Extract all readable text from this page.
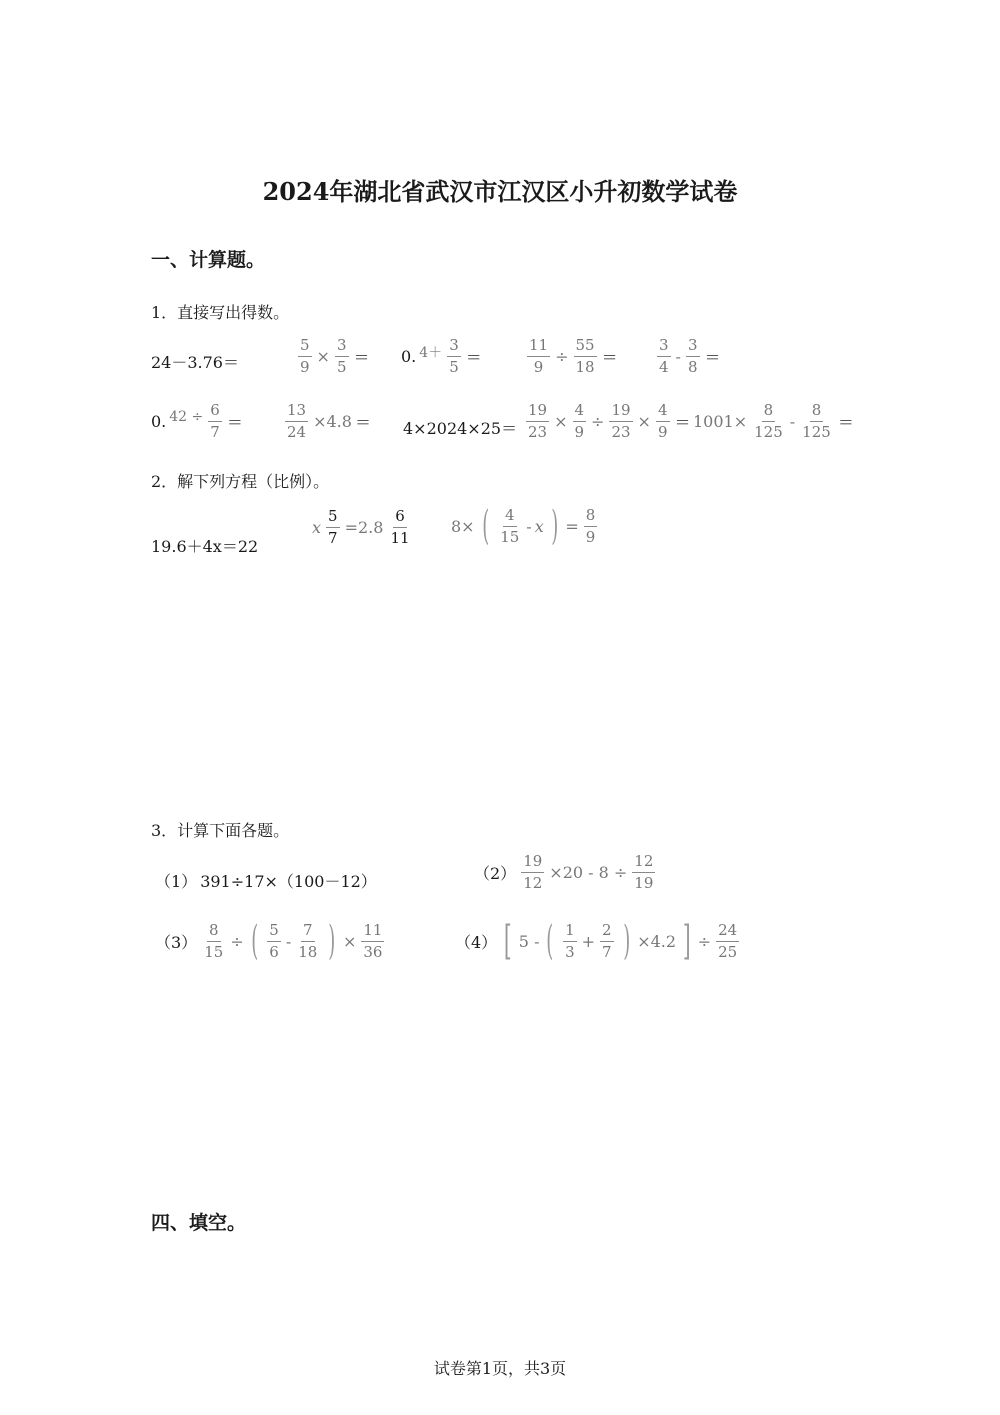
2024年湖北省武汉市江汉区小升初数学试卷
一、计算题。
1．直接写出得数。
24－3.76＝	$\frac{5}{9} \times \frac{3}{5} = 0$. $4+ \frac{3}{5}$ ＝	$\frac{11}{9} \div \frac{55}{18}$ ＝	$\frac{3}{4} - \frac{3}{8}$ ＝
0. $42 \div \frac{6}{7}$ ＝	$\frac{13}{24} \times 4.8 = 4\times 2024\times 25= \frac{19}{23} \times \frac{4}{9} \div \frac{19}{23} \times \frac{4}{9} = 1001\times \frac{8}{125} - \frac{8}{125}$ ＝
2．解下列方程（比例）。
19.6＋4x＝22
x $\frac{5}{7} =2.8 \frac{6}{11} 8\times$ ( $\frac{4}{15}$ - x ) = $\frac{8}{9}$
3．计算下面各题。
（1） 391÷17×（100－12）	$(2) \frac{19}{12} \times 20 - 8 \div \frac{12}{19}$
$(3) \frac{8}{15}$ ÷ ( $\frac{5}{6} - \frac{7}{18}$ ) × $\frac{11}{36}$	（4） [ 5 - ( $\frac{1}{3} + \frac{2}{7}$ ) ×4.2 ] ÷ $\frac{24}{25}$
四、填空。
试卷第1页，共3页
